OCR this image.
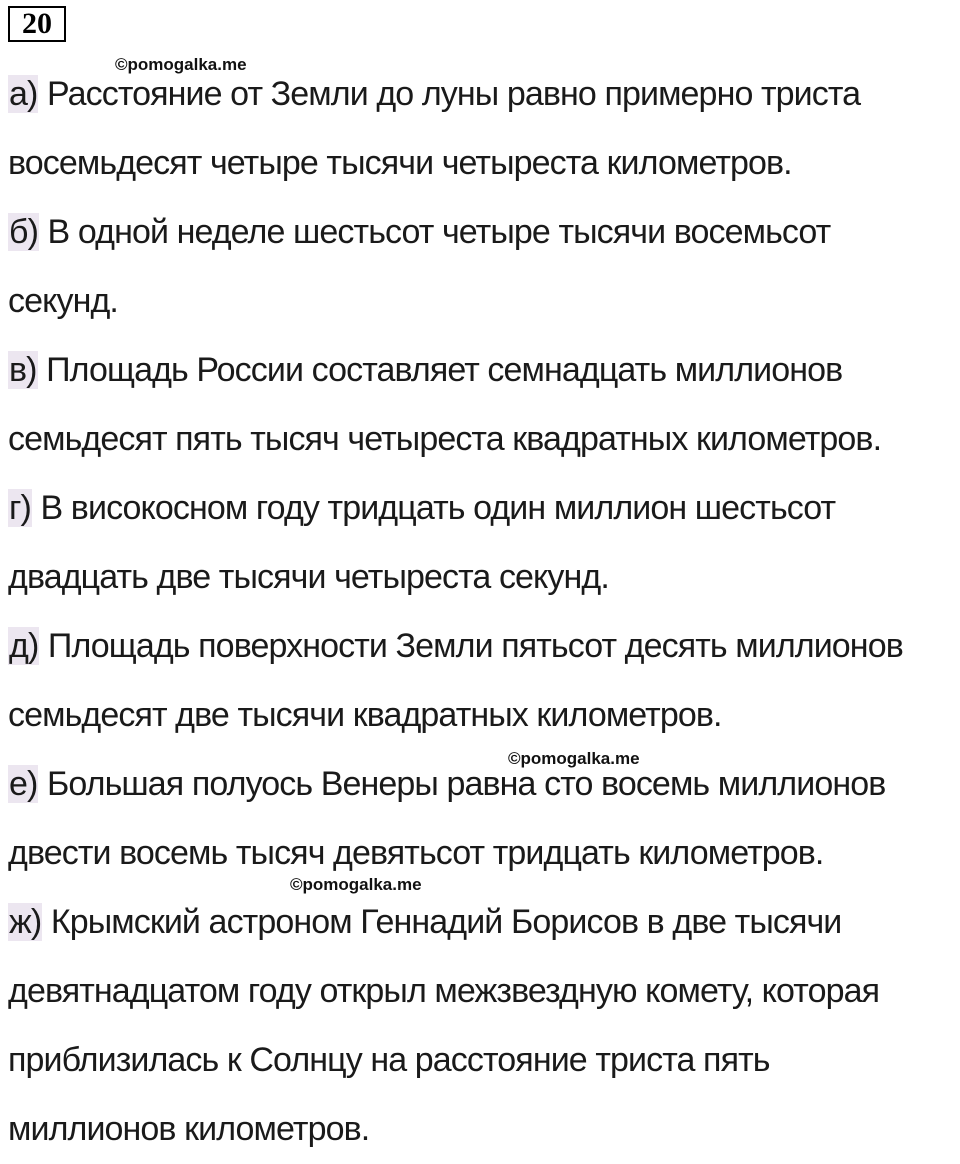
20
©pomogalka.me
©pomogalka.me
©pomogalka.me
а) Расстояние от Земли до луны равно примерно триста
восемьдесят четыре тысячи четыреста километров.
б) В одной неделе шестьсот четыре тысячи восемьсот
секунд.
в) Площадь России составляет семнадцать миллионов
семьдесят пять тысяч четыреста квадратных километров.
г) В високосном году тридцать один миллион шестьсот
двадцать две тысячи четыреста секунд.
д) Площадь поверхности Земли пятьсот десять миллионов
семьдесят две тысячи квадратных километров.
е) Большая полуось Венеры равна сто восемь миллионов
двести восемь тысяч девятьсот тридцать километров.
ж) Крымский астроном Геннадий Борисов в две тысячи
девятнадцатом году открыл межзвездную комету, которая
приблизилась к Солнцу на расстояние триста пять
миллионов километров.
